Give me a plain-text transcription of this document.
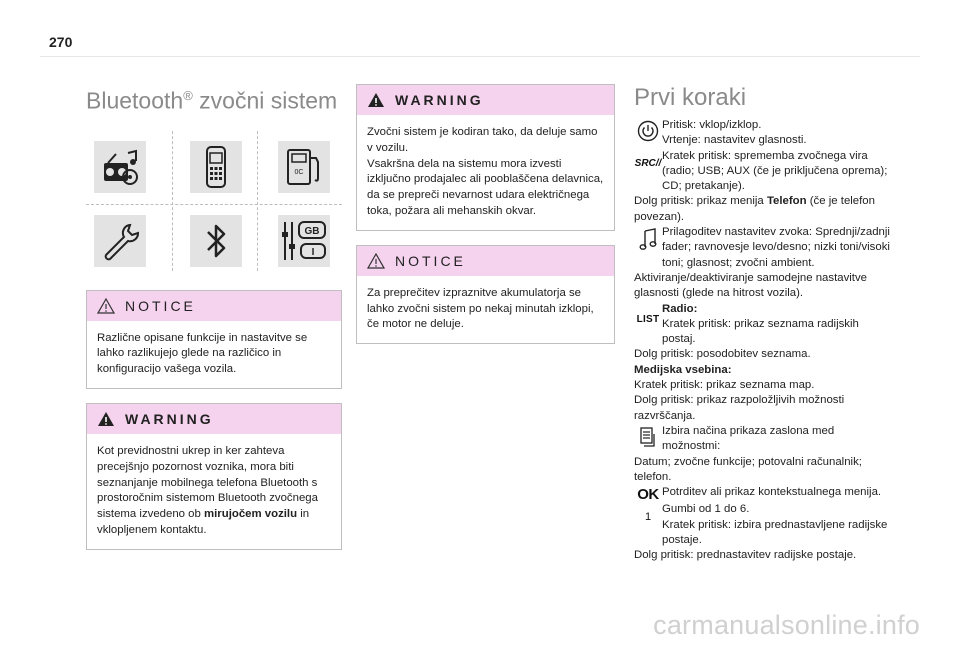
270
Bluetooth® zvočni sistem
0C
GB
I
NOTICE

Različne opisane funkcije in nastavitve se lahko razlikujejo glede na različico in konfiguracijo vašega vozila.

WARNING

Kot previdnostni ukrep in ker zahteva precejšnjo pozornost voznika, mora biti seznanjanje mobilnega telefona Bluetooth s prostoročnim sistemom Bluetooth zvočnega sistema izvedeno ob mirujočem vozilu in vklopljenem kontaktu.

WARNING

Zvočni sistem je kodiran tako, da deluje samo v vozilu.
Vsakršna dela na sistemu mora izvesti izključno prodajalec ali pooblaščena delavnica, da se prepreči nevarnost udara električnega toka, požara ali mehanskih okvar.

NOTICE

Za preprečitev izpraznitve akumulatorja se lahko zvočni sistem po nekaj minutah izklopi, če motor ne deluje.

Prvi koraki
Pritisk: vklop/izklop.
Vrtenje: nastavitev glasnosti.
SRC //
Kratek pritisk: sprememba zvočnega vira (radio; USB; AUX (če je priključena oprema); CD; pretakanje).
Dolg pritisk: prikaz menija Telefon (če je telefon povezan).
Prilagoditev nastavitev zvoka: Sprednji/zadnji fader; ravnovesje levo/desno; nizki toni/visoki toni; glasnost; zvočni ambient.
Aktiviranje/deaktiviranje samodejne nastavitve glasnosti (glede na hitrost vozila).
LIST
Radio:
Kratek pritisk: prikaz seznama radijskih postaj.
Dolg pritisk: posodobitev seznama.
Medijska vsebina:
Kratek pritisk: prikaz seznama map.
Dolg pritisk: prikaz razpoložljivih možnosti razvrščanja.
Izbira načina prikaza zaslona med možnostmi:
Datum; zvočne funkcije; potovalni računalnik; telefon.
OK Potrditev ali prikaz kontekstualnega menija.
1
Gumbi od 1 do 6.
Kratek pritisk: izbira prednastavljene radijske postaje.
Dolg pritisk: prednastavitev radijske postaje.
carmanualsonline.info
